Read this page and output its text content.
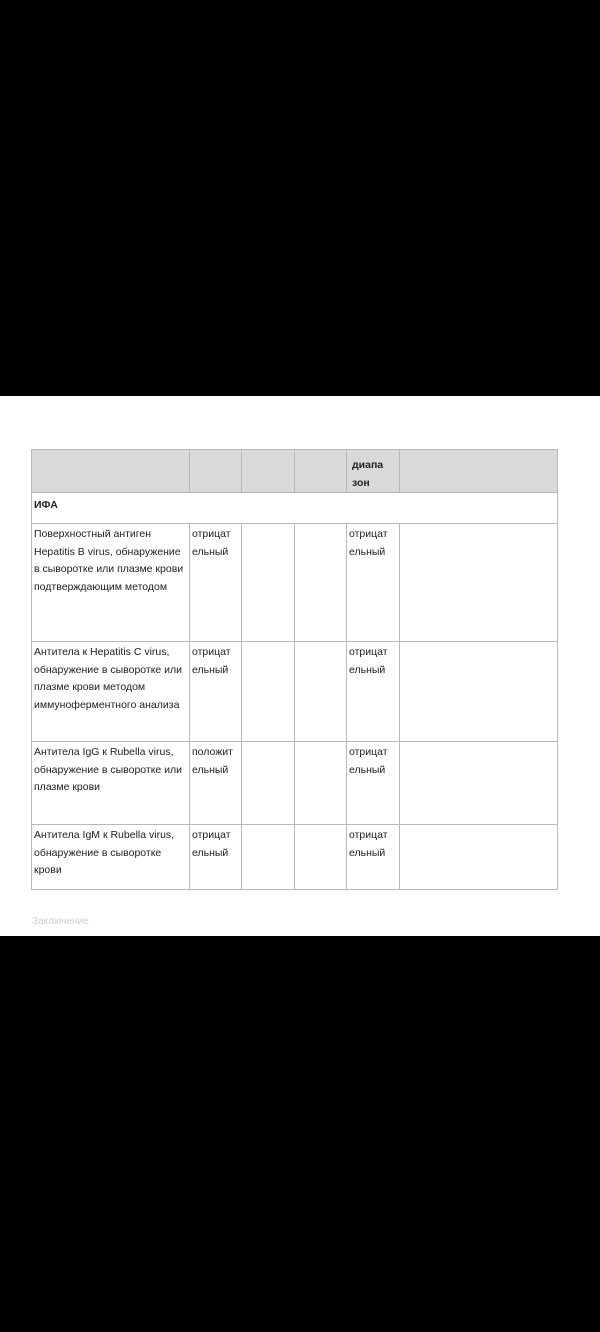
				диапа зон	

ИФА					

Поверхностный антиген Hepatitis B virus, обнаружение в сыворотке или плазме крови подтверждающим методом	отрицат ельный			отрицат ельный	

Антитела к Hepatitis C virus, обнаружение в сыворотке или плазме крови методом иммуноферментного анализа	отрицат ельный			отрицат ельный	

Антитела IgG к Rubella virus, обнаружение в сыворотке или плазме крови	положит ельный			отрицат ельный	

Антитела IgM к Rubella virus, обнаружение в сыворотке крови	отрицат ельный			отрицат ельный	

Заключение
